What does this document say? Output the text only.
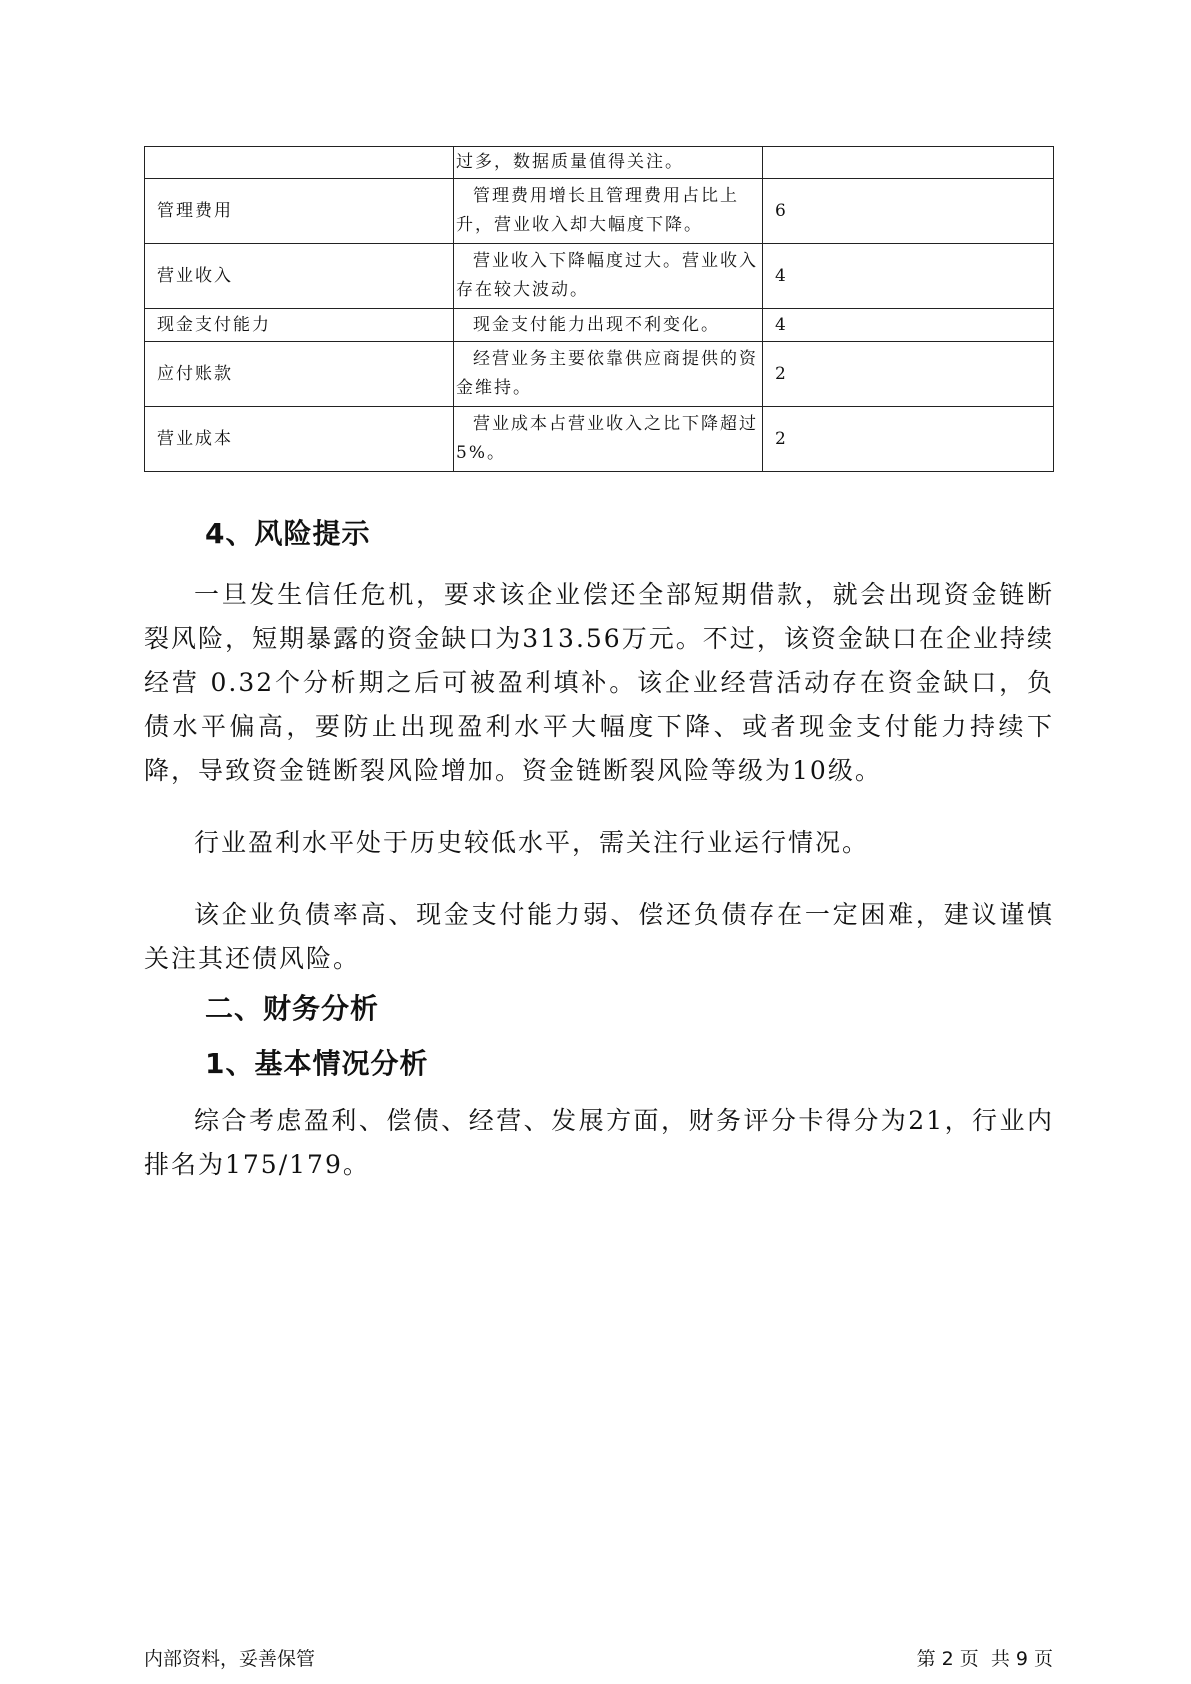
	过多，数据质量值得关注。	
管理费用	管理费用增长且管理费用占比上升，营业收入却大幅度下降。	6
营业收入	营业收入下降幅度过大。营业收入存在较大波动。	4
现金支付能力	现金支付能力出现不利变化。	4
应付账款	经营业务主要依靠供应商提供的资金维持。	2
营业成本	营业成本占营业收入之比下降超过5%。	2
4、风险提示

一旦发生信任危机，要求该企业偿还全部短期借款，就会出现资金链断裂风险，短期暴露的资金缺口为313.56万元。不过，该资金缺口在企业持续经营 0.32个分析期之后可被盈利填补。该企业经营活动存在资金缺口，负债水平偏高，要防止出现盈利水平大幅度下降、或者现金支付能力持续下降，导致资金链断裂风险增加。资金链断裂风险等级为10级。

行业盈利水平处于历史较低水平，需关注行业运行情况。

该企业负债率高、现金支付能力弱、偿还负债存在一定困难，建议谨慎关注其还债风险。

二、财务分析
1、基本情况分析

综合考虑盈利、偿债、经营、发展方面，财务评分卡得分为21，行业内排名为175/179。

内部资料，妥善保管	第 2 页  共 9 页
